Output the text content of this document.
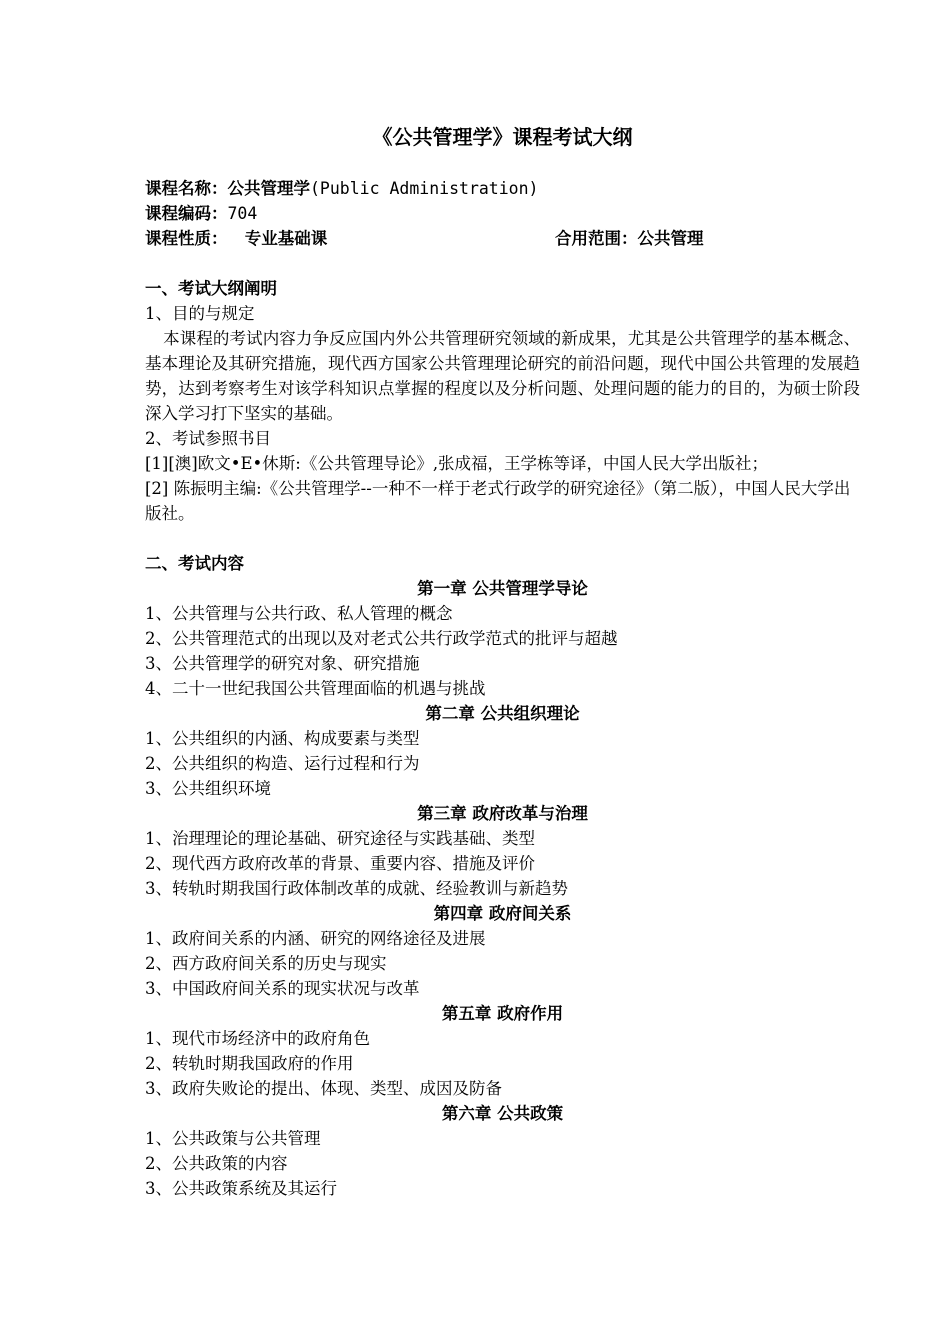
《公共管理学》课程考试大纲
课程名称： 公共管理学 (Public Administration)
课程编码： 704
课程性质： 专业基础课	合用范围：公共管理
一、考试大纲阐明
1、目的与规定
本课程的考试内容力争反应国内外公共管理研究领域的新成果，尤其是公共管理学的基本概念、基本理论及其研究措施，现代西方国家公共管理理论研究的前沿问题，现代中国公共管理的发展趋势，达到考察考生对该学科知识点掌握的程度以及分析问题、处理问题的能力的目的，为硕士阶段深入学习打下坚实的基础。
2、考试参照书目
[1][澳]欧文•E•休斯:《公共管理导论》,张成福，王学栋等译，中国人民大学出版社；
[2] 陈振明主编:《公共管理学--一种不一样于老式行政学的研究途径》（第二版），中国人民大学出版社。
二、考试内容
第一章 公共管理学导论
1、公共管理与公共行政、私人管理的概念
2、公共管理范式的出现以及对老式公共行政学范式的批评与超越
3、公共管理学的研究对象、研究措施
4、二十一世纪我国公共管理面临的机遇与挑战
第二章 公共组织理论
1、公共组织的内涵、构成要素与类型
2、公共组织的构造、运行过程和行为
3、公共组织环境
第三章 政府改革与治理
1、治理理论的理论基础、研究途径与实践基础、类型
2、现代西方政府改革的背景、重要内容、措施及评价
3、转轨时期我国行政体制改革的成就、经验教训与新趋势
第四章 政府间关系
1、政府间关系的内涵、研究的网络途径及进展
2、西方政府间关系的历史与现实
3、中国政府间关系的现实状况与改革
第五章 政府作用
1、现代市场经济中的政府角色
2、转轨时期我国政府的作用
3、政府失败论的提出、体现、类型、成因及防备
第六章 公共政策
1、公共政策与公共管理
2、公共政策的内容
3、公共政策系统及其运行
